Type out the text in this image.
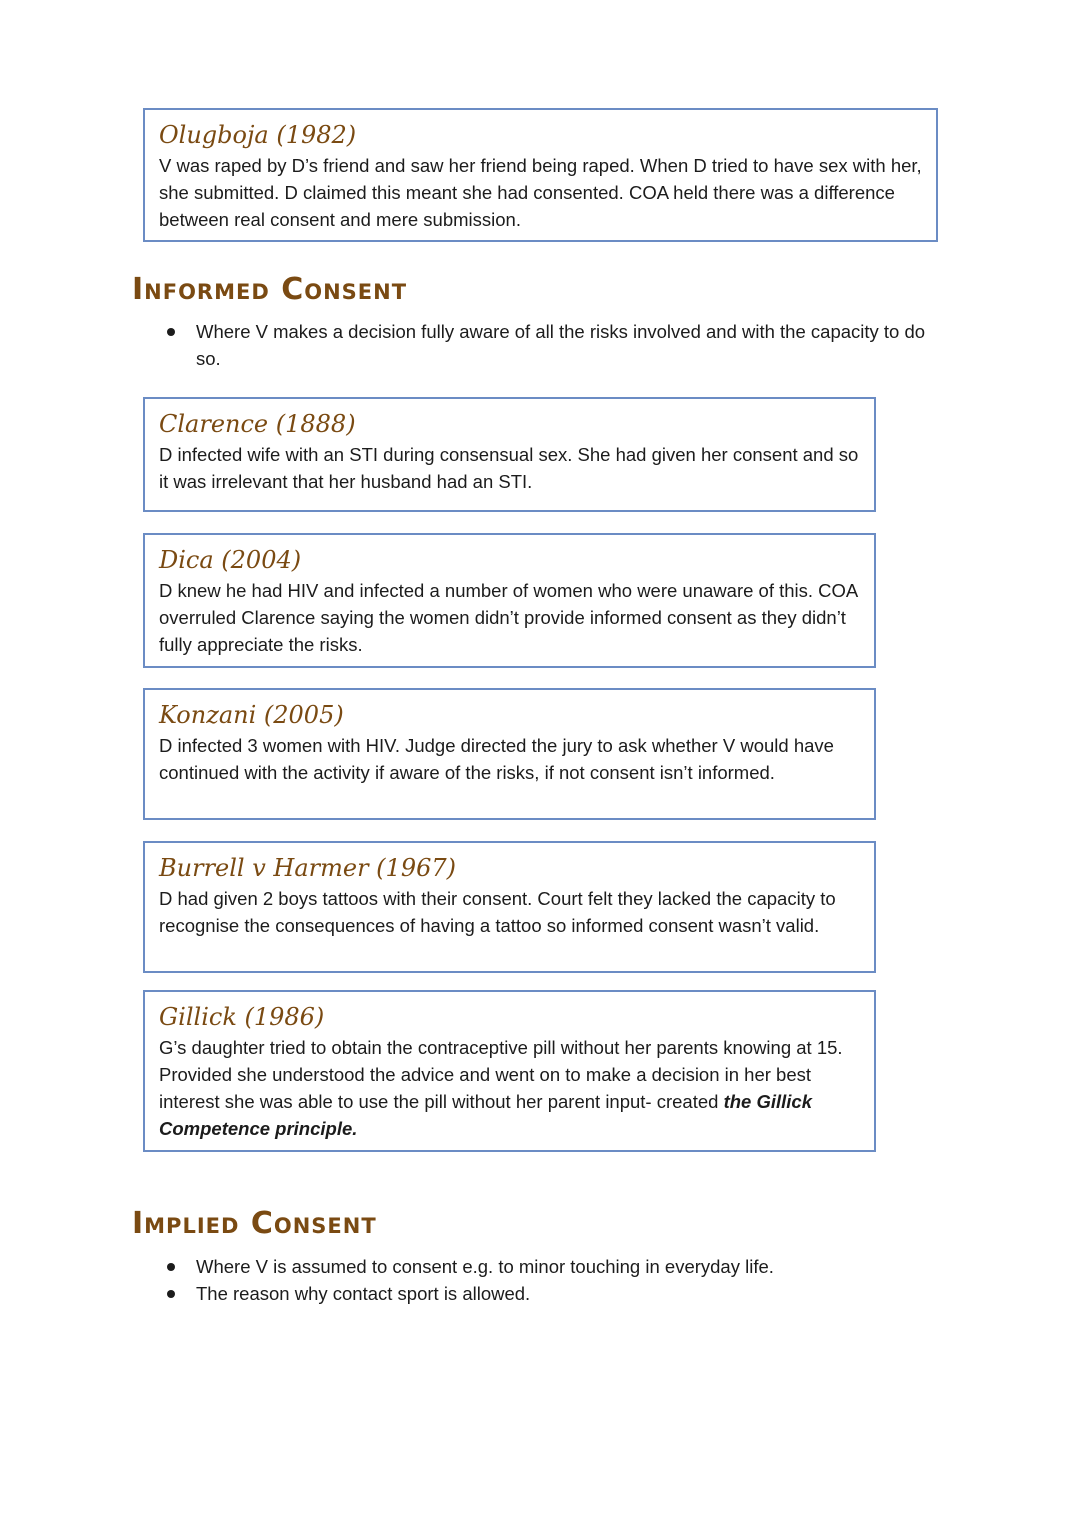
Olugboja (1982)

V was raped by D’s friend and saw her friend being raped. When D tried to have sex with her, she submitted. D claimed this meant she had consented. COA held there was a difference between real consent and mere submission.

Informed Consent
Where V makes a decision fully aware of all the risks involved and with the capacity to do so.

Clarence (1888)

D infected wife with an STI during consensual sex. She had given her consent and so it was irrelevant that her husband had an STI.

Dica (2004)

D knew he had HIV and infected a number of women who were unaware of this. COA overruled Clarence saying the women didn’t provide informed consent as they didn’t fully appreciate the risks.

Konzani (2005)

D infected 3 women with HIV. Judge directed the jury to ask whether V would have continued with the activity if aware of the risks, if not consent isn’t informed.

Burrell v Harmer (1967)

D had given 2 boys tattoos with their consent. Court felt they lacked the capacity to recognise the consequences of having a tattoo so informed consent wasn’t valid.

Gillick (1986)

G’s daughter tried to obtain the contraceptive pill without her parents knowing at 15. Provided she understood the advice and went on to make a decision in her best interest she was able to use the pill without her parent input- created the Gillick Competence principle.

Implied Consent
Where V is assumed to consent e.g. to minor touching in everyday life.
The reason why contact sport is allowed.
